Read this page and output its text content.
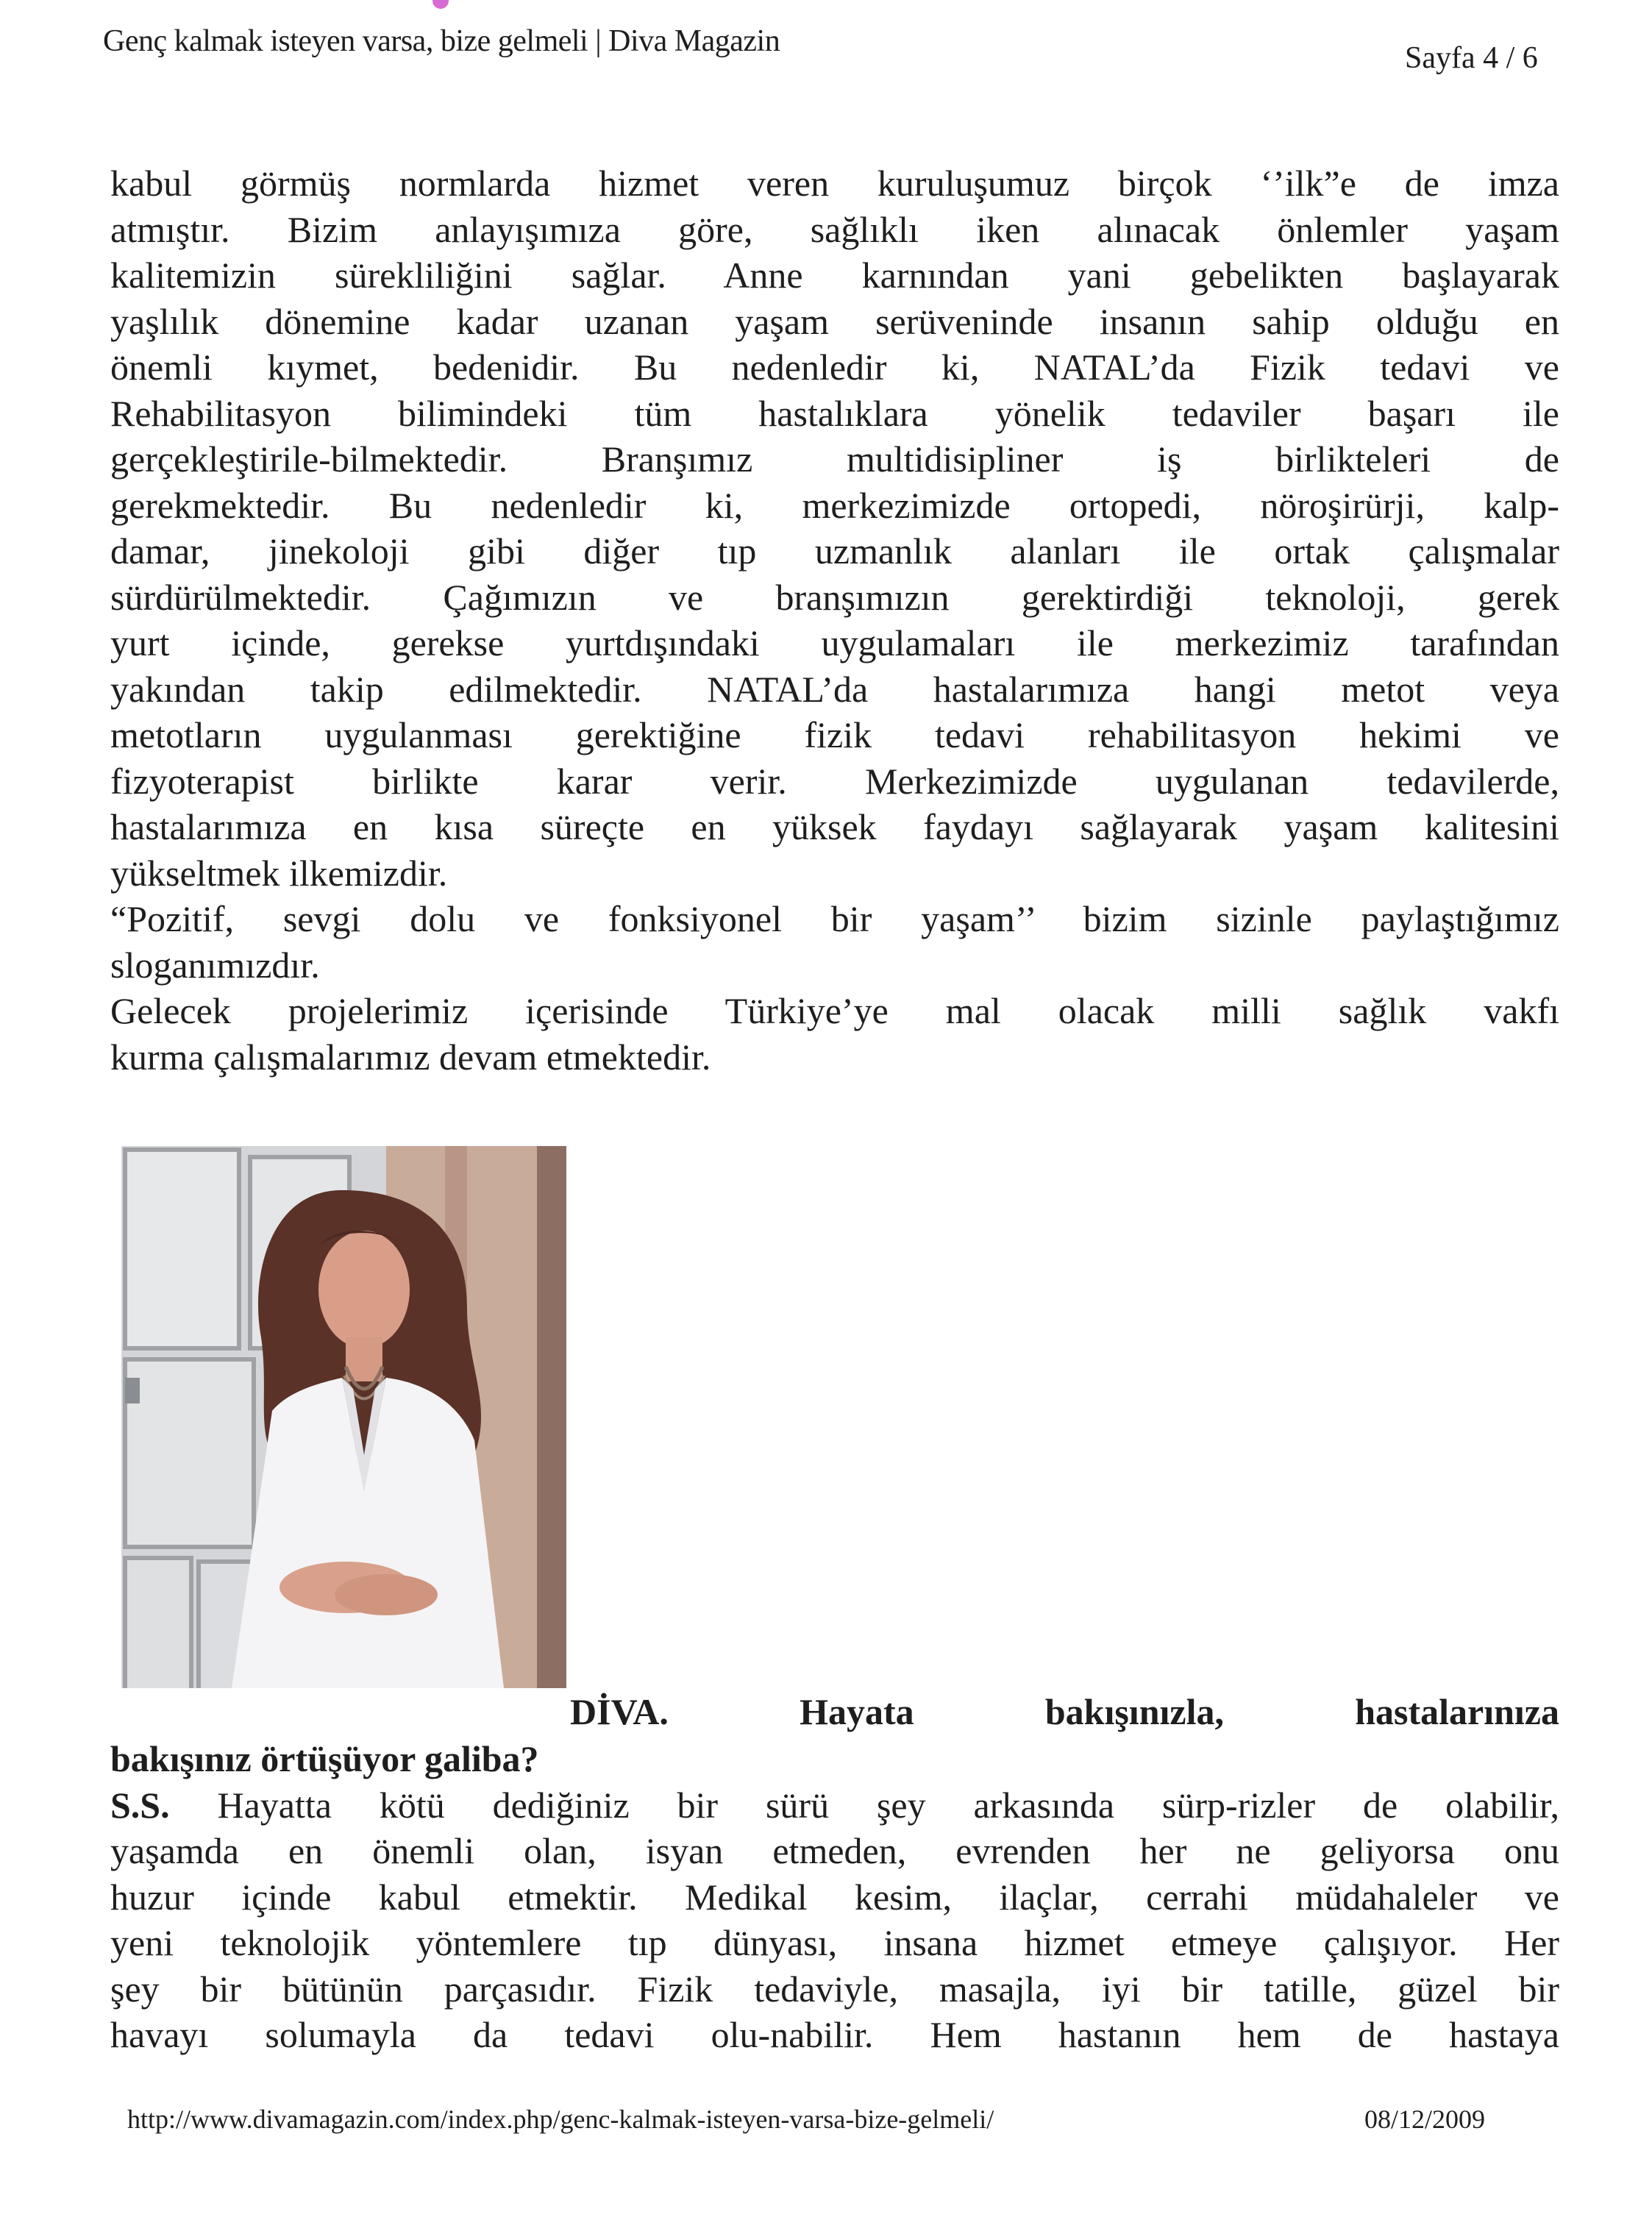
Genç kalmak isteyen varsa, bize gelmeli | Diva Magazin	Sayfa 4 / 6
kabul görmüş normlarda hizmet veren kuruluşumuz birçok ‘’ilk”e de imza
atmıştır. Bizim anlayışımıza göre, sağlıklı iken alınacak önlemler yaşam
kalitemizin sürekliliğini sağlar. Anne karnından yani gebelikten başlayarak
yaşlılık dönemine kadar uzanan yaşam serüveninde insanın sahip olduğu en
önemli kıymet, bedenidir. Bu nedenledir ki, NATAL’da Fizik tedavi ve
Rehabilitasyon bilimindeki tüm hastalıklara yönelik tedaviler başarı ile
gerçekleştirile-bilmektedir. Branşımız multidisipliner iş birlikteleri de
gerekmektedir. Bu nedenledir ki, merkezimizde ortopedi, nöroşirürji, kalp-
damar, jinekoloji gibi diğer tıp uzmanlık alanları ile ortak çalışmalar
sürdürülmektedir. Çağımızın ve branşımızın gerektirdiği teknoloji, gerek
yurt içinde, gerekse yurtdışındaki uygulamaları ile merkezimiz tarafından
yakından takip edilmektedir. NATAL’da hastalarımıza hangi metot veya
metotların uygulanması gerektiğine fizik tedavi rehabilitasyon hekimi ve
fizyoterapist birlikte karar verir. Merkezimizde uygulanan tedavilerde,
hastalarımıza en kısa süreçte en yüksek faydayı sağlayarak yaşam kalitesini
yükseltmek ilkemizdir.
“Pozitif, sevgi dolu ve fonksiyonel bir yaşam’’ bizim sizinle paylaştığımız
sloganımızdır.
Gelecek projelerimiz içerisinde Türkiye’ye mal olacak milli sağlık vakfı
kurma çalışmalarımız devam etmektedir.
DİVA. Hayata bakışınızla, hastalarınıza
bakışınız örtüşüyor galiba?
S.S. Hayatta kötü dediğiniz bir sürü şey arkasında sürp-rizler de olabilir,
yaşamda en önemli olan, isyan etmeden, evrenden her ne geliyorsa onu
huzur içinde kabul etmektir. Medikal kesim, ilaçlar, cerrahi müdahaleler ve
yeni teknolojik yöntemlere tıp dünyası, insana hizmet etmeye çalışıyor. Her
şey bir bütünün parçasıdır. Fizik tedaviyle, masajla, iyi bir tatille, güzel bir
havayı solumayla da tedavi olu-nabilir. Hem hastanın hem de hastaya
http://www.divamagazin.com/index.php/genc-kalmak-isteyen-varsa-bize-gelmeli/	08/12/2009
